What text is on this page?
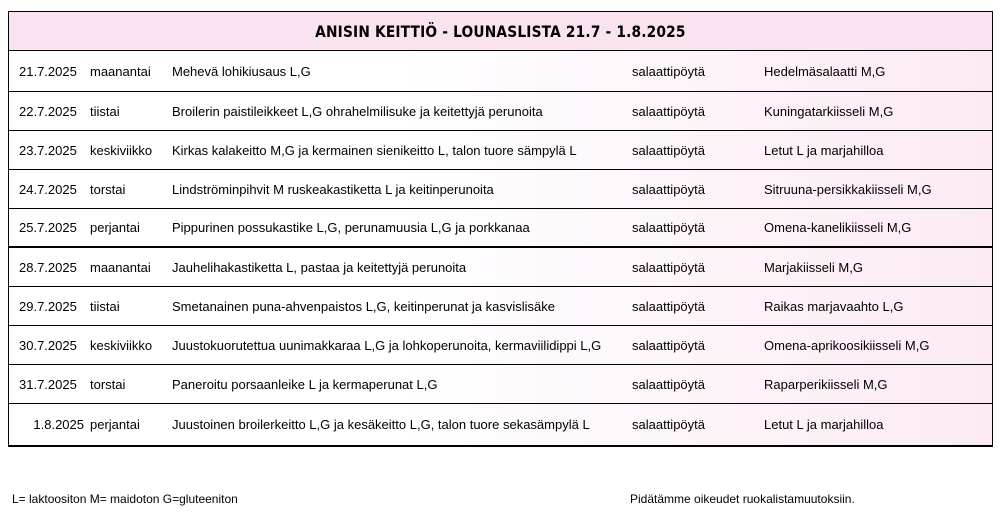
ANISIN KEITTIÖ - LOUNASLISTA 21.7 - 1.8.2025
21.7.2025	maanantai	Mehevä lohikiusaus L,G	salaattipöytä	Hedelmäsalaatti M,G
22.7.2025	tiistai	Broilerin paistileikkeet L,G ohrahelmilisuke ja keitettyjä perunoita	salaattipöytä	Kuningatarkiisseli M,G
23.7.2025	keskiviikko	Kirkas kalakeitto M,G ja kermainen sienikeitto L, talon tuore sämpylä L	salaattipöytä	Letut L ja marjahilloa
24.7.2025	torstai	Lindströminpihvit M ruskeakastiketta L ja keitinperunoita	salaattipöytä	Sitruuna-persikkakiisseli M,G
25.7.2025	perjantai	Pippurinen possukastike L,G, perunamuusia L,G ja porkkanaa	salaattipöytä	Omena-kanelikiisseli M,G
28.7.2025	maanantai	Jauhelihakastiketta L, pastaa ja keitettyjä perunoita	salaattipöytä	Marjakiisseli M,G
29.7.2025	tiistai	Smetanainen puna-ahvenpaistos L,G, keitinperunat ja kasvislisäke	salaattipöytä	Raikas marjavaahto L,G
30.7.2025	keskiviikko	Juustokuorutettua uunimakkaraa L,G ja lohkoperunoita, kermaviilidippi L,G	salaattipöytä	Omena-aprikoosikiisseli M,G
31.7.2025	torstai	Paneroitu porsaanleike L ja kermaperunat L,G	salaattipöytä	Raparperikiisseli M,G
1.8.2025 perjantai	Juustoinen broilerkeitto L,G ja kesäkeitto L,G, talon tuore sekasämpylä L	salaattipöytä	Letut L ja marjahilloa
L= laktoositon M= maidoton G=gluteeniton	Pidätämme oikeudet ruokalistamuutoksiin.
